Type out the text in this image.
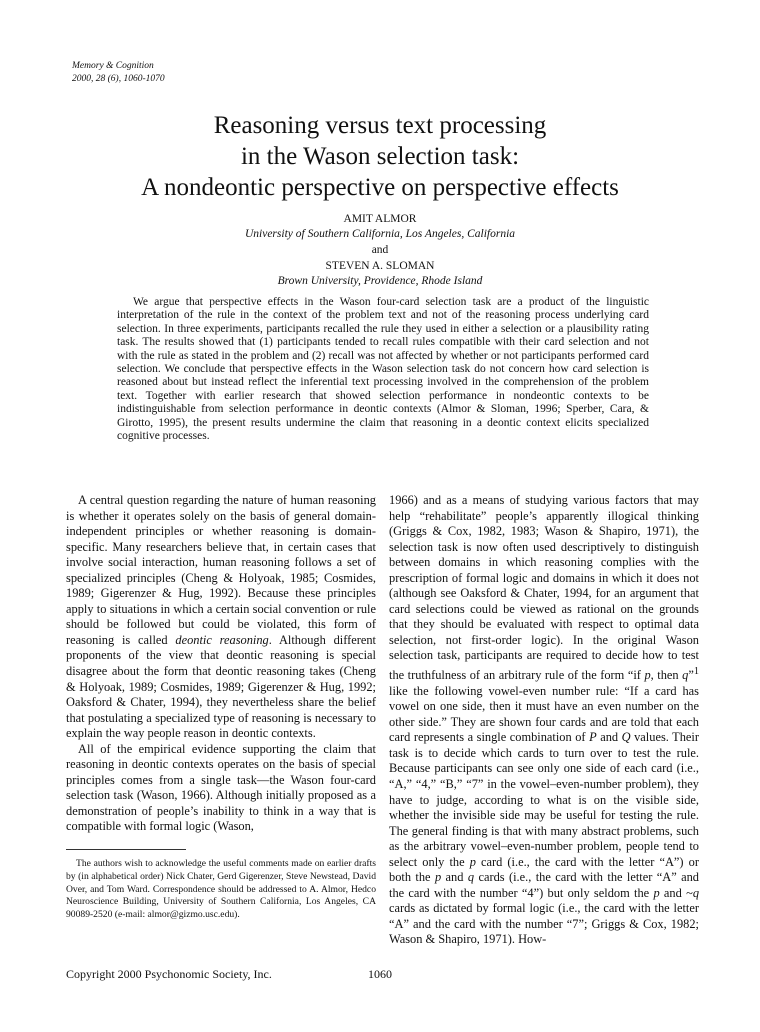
Memory & Cognition
2000, 28 (6), 1060-1070
Reasoning versus text processing
in the Wason selection task:
A nondeontic perspective on perspective effects
AMIT ALMOR
University of Southern California, Los Angeles, California
and
STEVEN A. SLOMAN
Brown University, Providence, Rhode Island

We argue that perspective effects in the Wason four-card selection task are a product of the linguistic interpretation of the rule in the context of the problem text and not of the reasoning process underlying card selection. In three experiments, participants recalled the rule they used in either a selection or a plausibility rating task. The results showed that (1) participants tended to recall rules compatible with their card selection and not with the rule as stated in the problem and (2) recall was not affected by whether or not participants performed card selection. We conclude that perspective effects in the Wason selection task do not concern how card selection is reasoned about but instead reflect the inferential text processing involved in the comprehension of the problem text. Together with earlier research that showed selection performance in nondeontic contexts to be indistinguishable from selection performance in deontic contexts (Almor & Sloman, 1996; Sperber, Cara, & Girotto, 1995), the present results undermine the claim that reasoning in a deontic context elicits specialized cognitive processes.

A central question regarding the nature of human reasoning is whether it operates solely on the basis of general domain-independent principles or whether reasoning is domain-specific. Many researchers believe that, in certain cases that involve social interaction, human reasoning follows a set of specialized principles (Cheng & Holyoak, 1985; Cosmides, 1989; Gigerenzer & Hug, 1992). Because these principles apply to situations in which a certain social convention or rule should be followed but could be violated, this form of reasoning is called deontic reasoning. Although different proponents of the view that deontic reasoning is special disagree about the form that deontic reasoning takes (Cheng & Holyoak, 1989; Cosmides, 1989; Gigerenzer & Hug, 1992; Oaksford & Chater, 1994), they nevertheless share the belief that postulating a specialized type of reasoning is necessary to explain the way people reason in deontic contexts.

All of the empirical evidence supporting the claim that reasoning in deontic contexts operates on the basis of special principles comes from a single task—the Wason four-card selection task (Wason, 1966). Although initially proposed as a demonstration of people’s inability to think in a way that is compatible with formal logic (Wason,

The authors wish to acknowledge the useful comments made on earlier drafts by (in alphabetical order) Nick Chater, Gerd Gigerenzer, Steve Newstead, David Over, and Tom Ward. Correspondence should be addressed to A. Almor, Hedco Neuroscience Building, University of Southern California, Los Angeles, CA 90089-2520 (e-mail: almor@gizmo.usc.edu).

1966) and as a means of studying various factors that may help “rehabilitate” people’s apparently illogical thinking (Griggs & Cox, 1982, 1983; Wason & Shapiro, 1971), the selection task is now often used descriptively to distinguish between domains in which reasoning complies with the prescription of formal logic and domains in which it does not (although see Oaksford & Chater, 1994, for an argument that card selections could be viewed as rational on the grounds that they should be evaluated with respect to optimal data selection, not first-order logic). In the original Wason selection task, participants are required to decide how to test the truthfulness of an arbitrary rule of the form “if p, then q”$^1$ like the following vowel-even number rule: “If a card has vowel on one side, then it must have an even number on the other side.” They are shown four cards and are told that each card represents a single combination of P and Q values. Their task is to decide which cards to turn over to test the rule. Because participants can see only one side of each card (i.e., “A,” “4,” “B,” “7” in the vowel–even-number problem), they have to judge, according to what is on the visible side, whether the invisible side may be useful for testing the rule. The general finding is that with many abstract problems, such as the arbitrary vowel–even-number problem, people tend to select only the p card (i.e., the card with the letter “A”) or both the p and q cards (i.e., the card with the letter “A” and the card with the number “4”) but only seldom the p and ~q cards as dictated by formal logic (i.e., the card with the letter “A” and the card with the number “7”; Griggs & Cox, 1982; Wason & Shapiro, 1971). How-

Copyright 2000 Psychonomic Society, Inc.	1060
